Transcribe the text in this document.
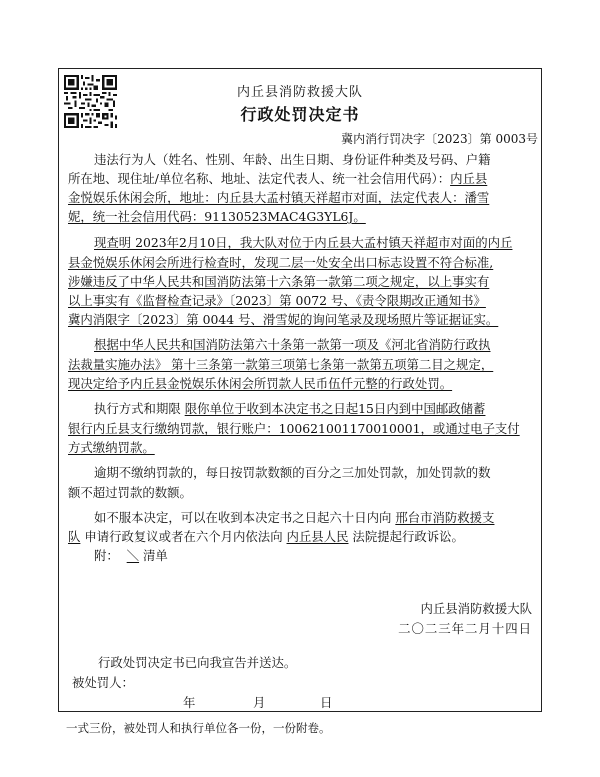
内丘县消防救援大队
行政处罚决定书
冀内消行罚决字〔2023〕第 0003号
违法行为人（姓名、性别、年龄、出生日期、身份证件种类及号码、户籍
所在地、现住址/单位名称、地址、法定代表人、统一社会信用代码）：内丘县
金悦娱乐休闲会所，地址：内丘县大孟村镇天祥超市对面，法定代表人：潘雪
妮，统一社会信用代码：91130523MAC4G3YL6J。
现查明 2023年2月10日，我大队对位于内丘县大孟村镇天祥超市对面的内丘
县金悦娱乐休闲会所进行检查时，发现二层一处安全出口标志设置不符合标准,
涉嫌违反了中华人民共和国消防法第十六条第一款第二项之规定，以上事实有
以上事实有《监督检查记录》〔2023〕第 0072 号、《责令限期改正通知书》
冀内消限字〔2023〕第 0044 号、滑雪妮的询问笔录及现场照片等证据证实。
根据中华人民共和国消防法第六十条第一款第一项及《河北省消防行政执
法裁量实施办法》 第十三条第一款第三项第七条第一款第五项第二目之规定，
现决定给予内丘县金悦娱乐休闲会所罚款人民币伍仟元整的行政处罚。
执行方式和期限 限你单位于收到本决定书之日起15日内到中国邮政储蓄
银行内丘县支行缴纳罚款，银行账户：100621001170010001，或通过电子支付
方式缴纳罚款。
逾期不缴纳罚款的，每日按罚款数额的百分之三加处罚款，加处罚款的数
额不超过罚款的数额。
如不服本决定，可以在收到本决定书之日起六十日内向 邢台市消防救援支
队 申请行政复议或者在六个月内依法向 内丘县人民 法院提起行政诉讼。
附： ＼ 清单
内丘县消防救援大队
二〇二三年二月十四日
行政处罚决定书已向我宣告并送达。
被处罚人：
年	月	日
一式三份，被处罚人和执行单位各一份，一份附卷。
